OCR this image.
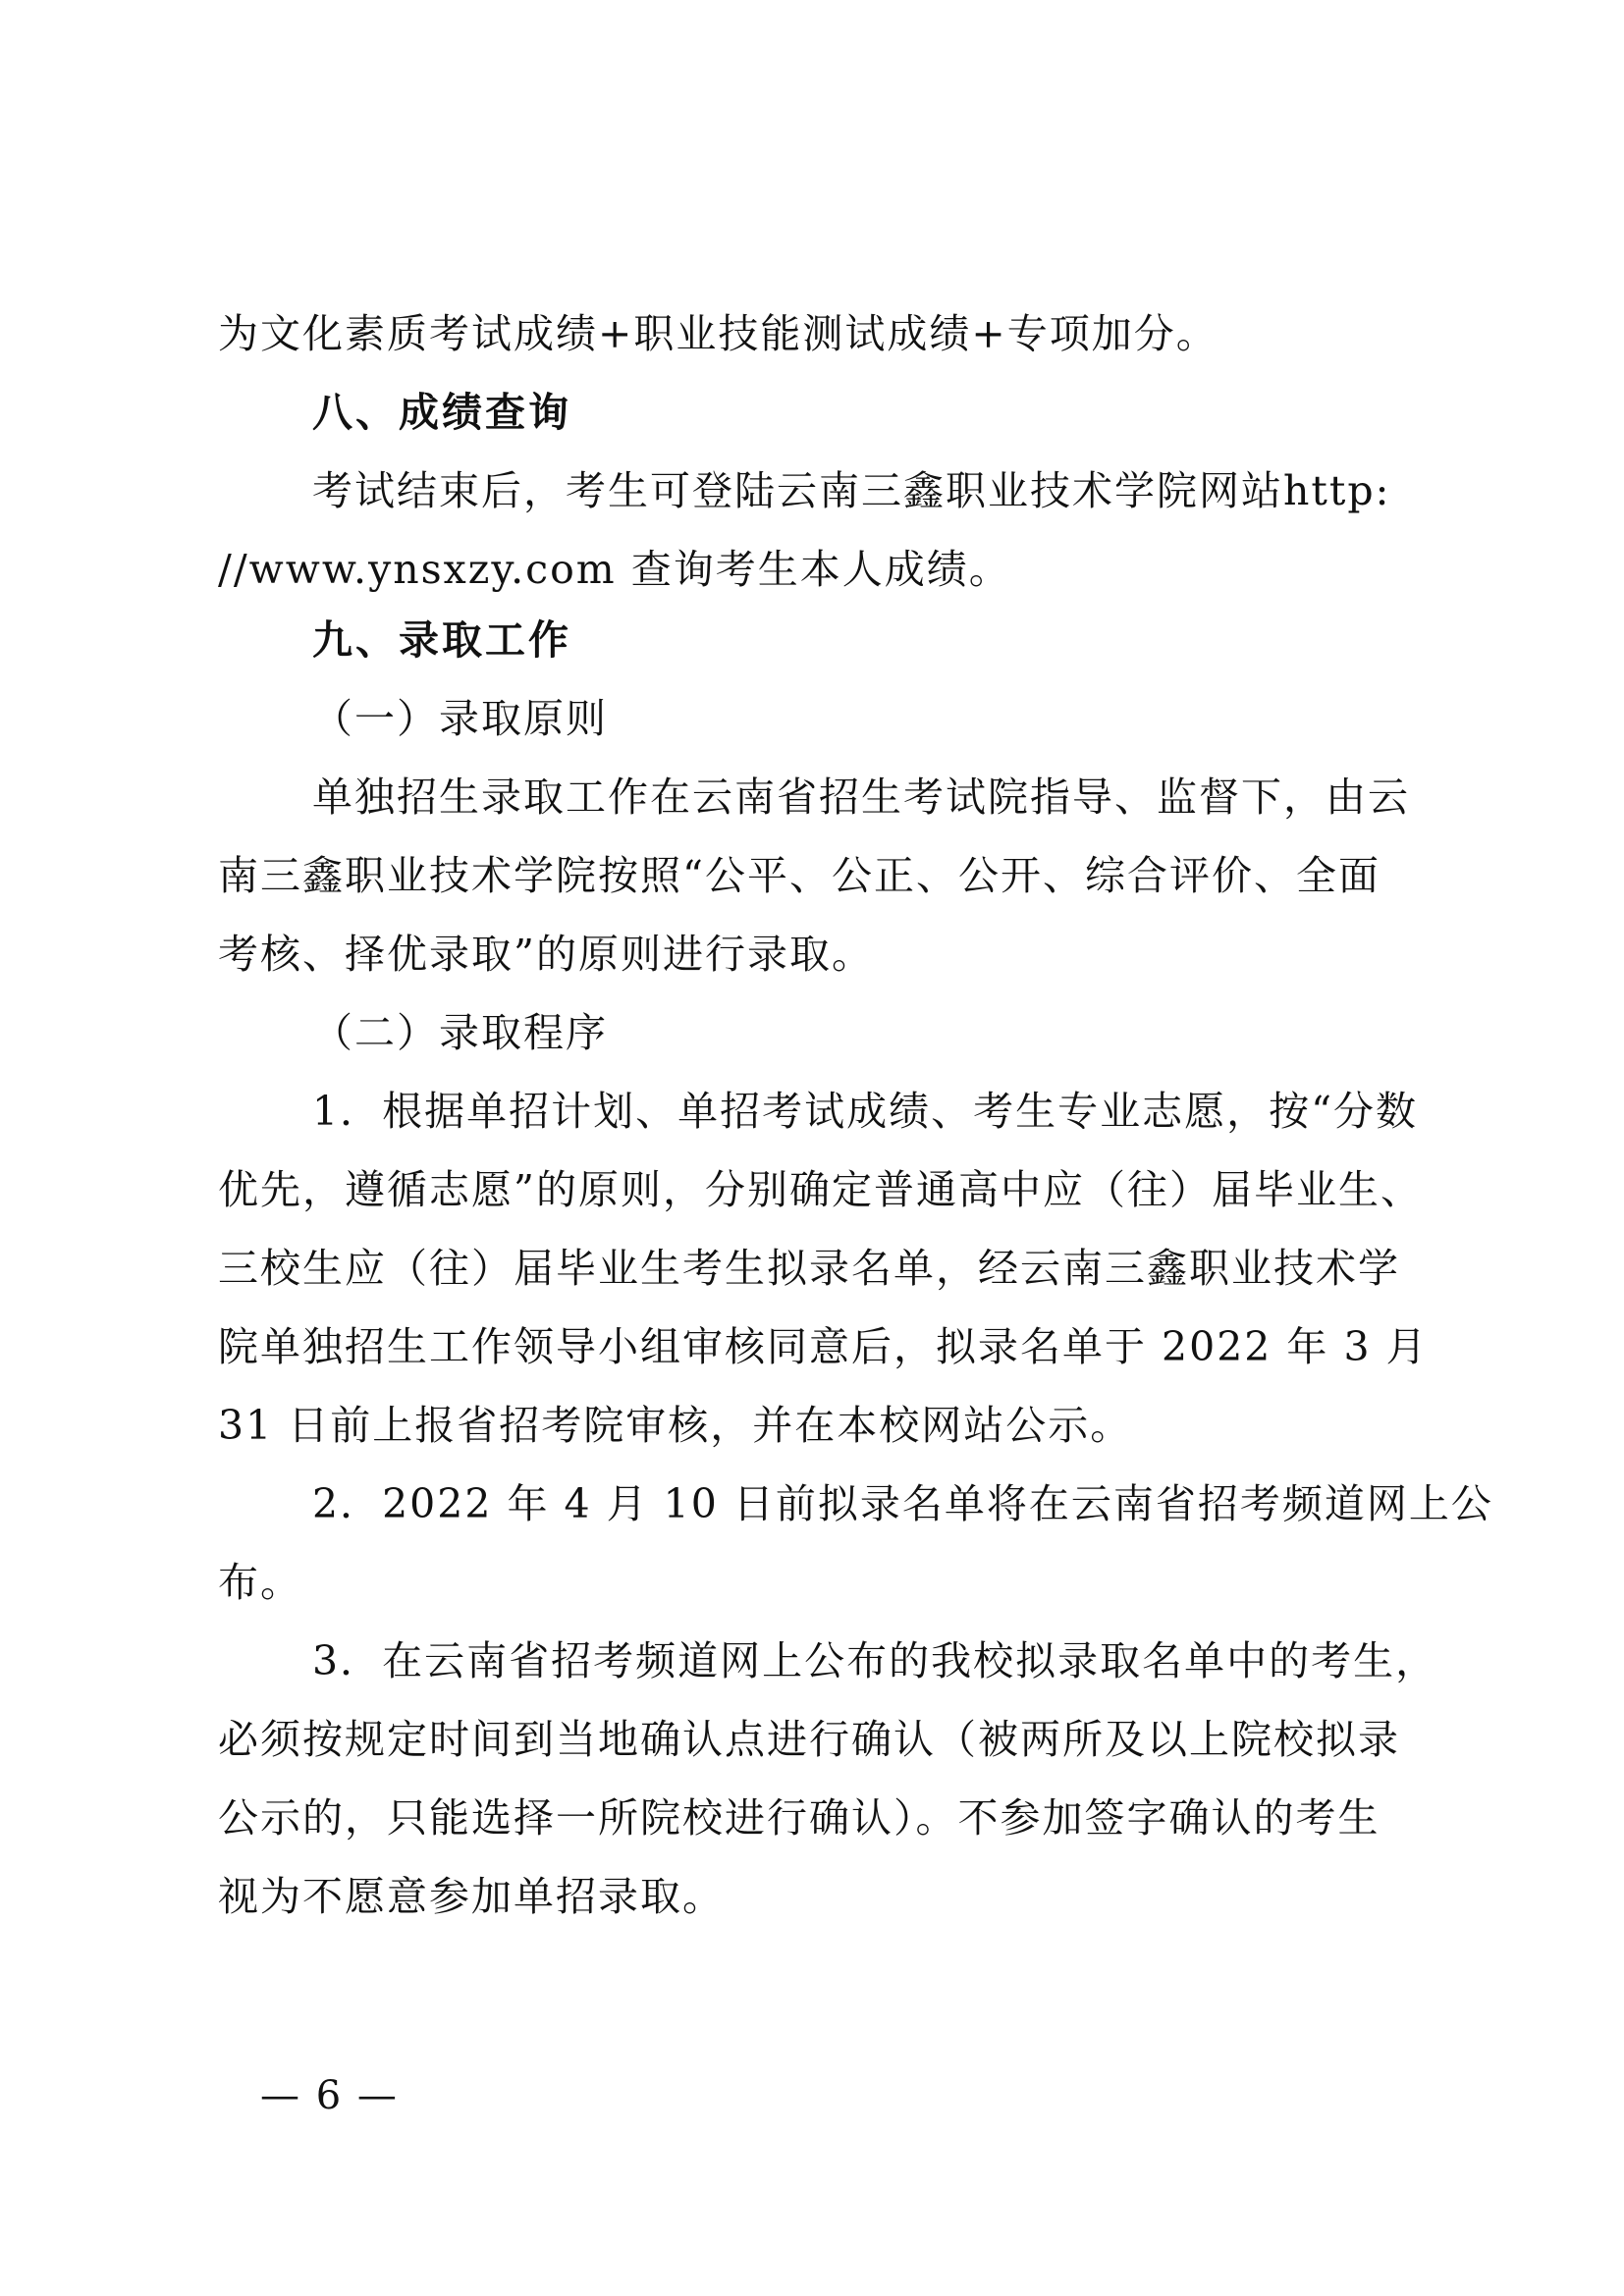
为文化素质考试成绩+职业技能测试成绩+专项加分。
八、成绩查询
考试结束后，考生可登陆云南三鑫职业技术学院网站http:
//www.ynsxzy.com 查询考生本人成绩。
九、录取工作
（一）录取原则
单独招生录取工作在云南省招生考试院指导、监督下，由云
南三鑫职业技术学院按照“公平、公正、公开、综合评价、全面
考核、择优录取”的原则进行录取。
（二）录取程序
1．根据单招计划、单招考试成绩、考生专业志愿，按“分数
优先，遵循志愿”的原则，分别确定普通高中应（往）届毕业生、
三校生应（往）届毕业生考生拟录名单，经云南三鑫职业技术学
院单独招生工作领导小组审核同意后，拟录名单于 2022 年 3 月
31 日前上报省招考院审核，并在本校网站公示。
2．2022 年 4 月 10 日前拟录名单将在云南省招考频道网上公
布。
3．在云南省招考频道网上公布的我校拟录取名单中的考生，
必须按规定时间到当地确认点进行确认（被两所及以上院校拟录
公示的，只能选择一所院校进行确认）。不参加签字确认的考生
视为不愿意参加单招录取。
— 6 —
